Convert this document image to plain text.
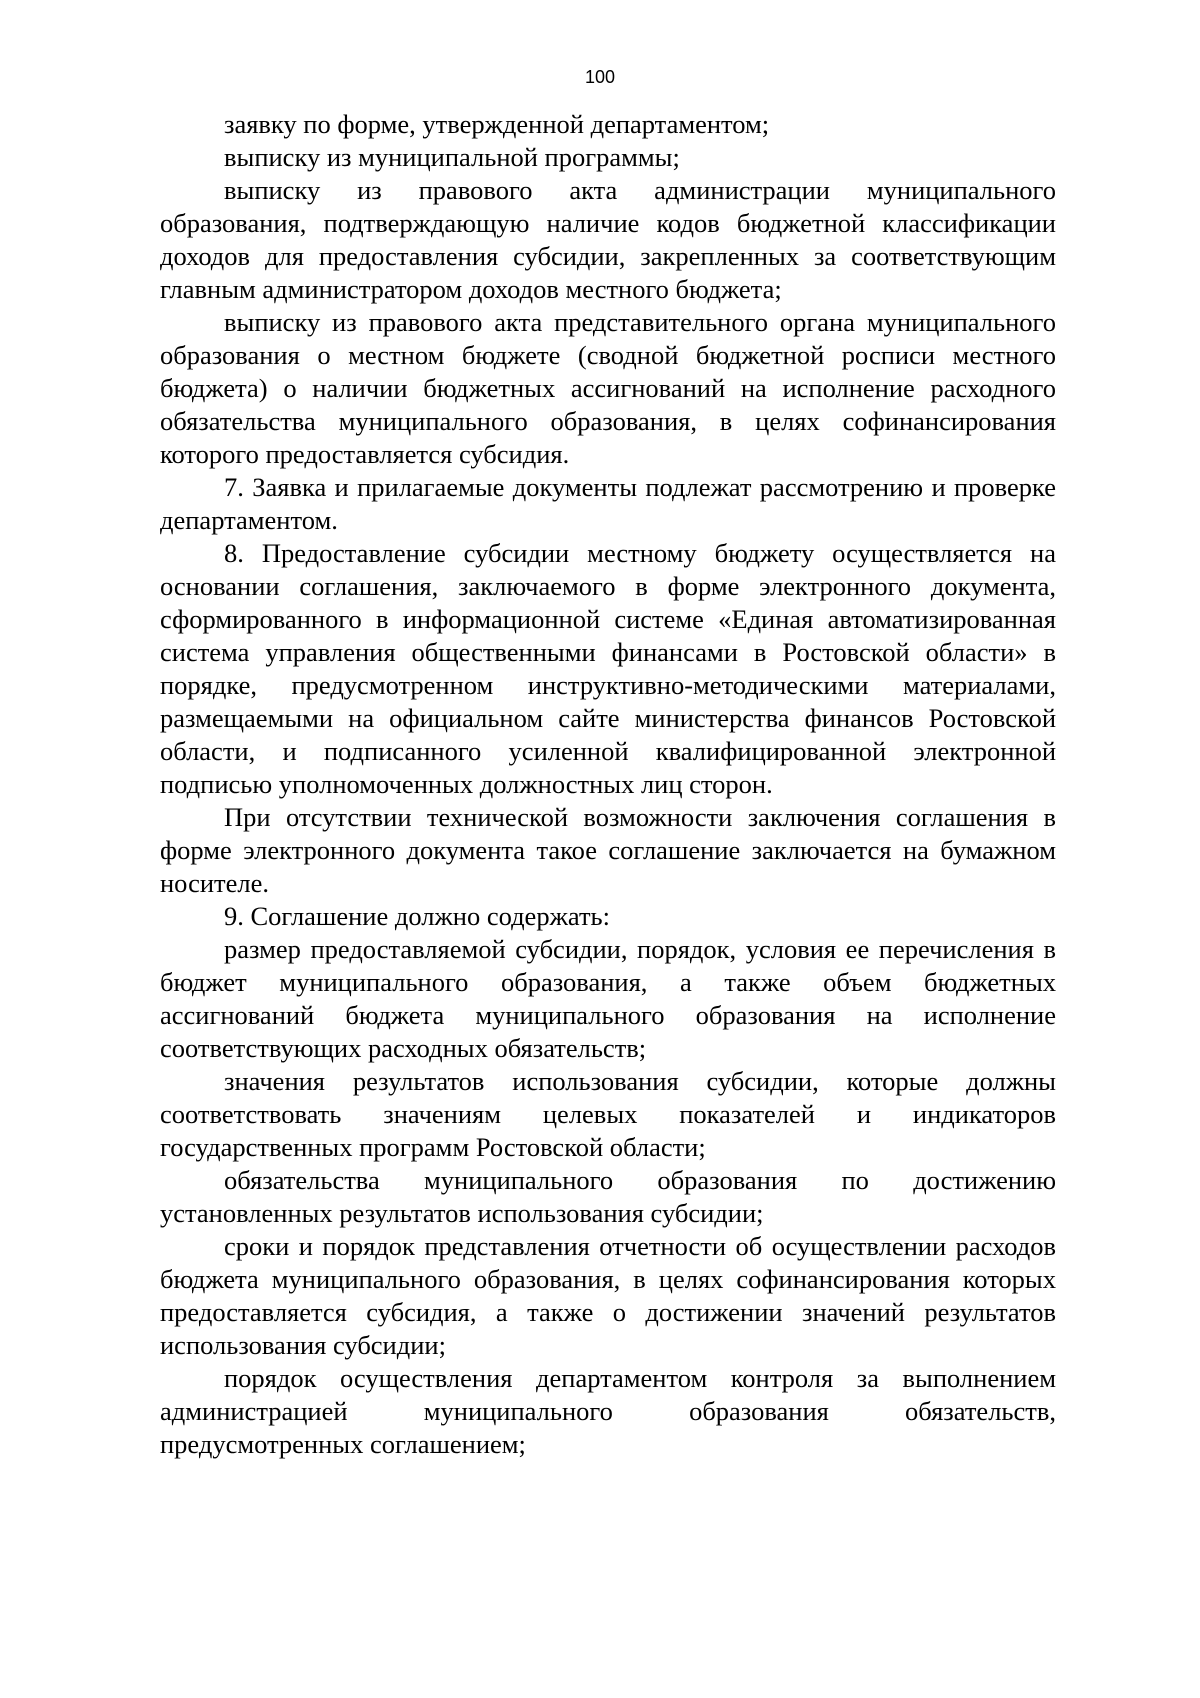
100

заявку по форме, утвержденной департаментом;

выписку из муниципальной программы;

выписку из правового акта администрации муниципального образования, подтверждающую наличие кодов бюджетной классификации доходов для предоставления субсидии, закрепленных за соответствующим главным администратором доходов местного бюджета;

выписку из правового акта представительного органа муниципального образования о местном бюджете (сводной бюджетной росписи местного бюджета) о наличии бюджетных ассигнований на исполнение расходного обязательства муниципального образования, в целях софинансирования которого предоставляется субсидия.

7. Заявка и прилагаемые документы подлежат рассмотрению и проверке департаментом.

8. Предоставление субсидии местному бюджету осуществляется на основании соглашения, заключаемого в форме электронного документа, сформированного в информационной системе «Единая автоматизированная система управления общественными финансами в Ростовской области» в порядке, предусмотренном инструктивно-методическими материалами, размещаемыми на официальном сайте министерства финансов Ростовской области, и подписанного усиленной квалифицированной электронной подписью уполномоченных должностных лиц сторон.

При отсутствии технической возможности заключения соглашения в форме электронного документа такое соглашение заключается на бумажном носителе.

9. Соглашение должно содержать:

размер предоставляемой субсидии, порядок, условия ее перечисления в бюджет муниципального образования, а также объем бюджетных ассигнований бюджета муниципального образования на исполнение соответствующих расходных обязательств;

значения результатов использования субсидии, которые должны соответствовать значениям целевых показателей и индикаторов государственных программ Ростовской области;

обязательства муниципального образования по достижению установленных результатов использования субсидии;

сроки и порядок представления отчетности об осуществлении расходов бюджета муниципального образования, в целях софинансирования которых предоставляется субсидия, а также о достижении значений результатов использования субсидии;

порядок осуществления департаментом контроля за выполнением администрацией муниципального образования обязательств, предусмотренных соглашением;
